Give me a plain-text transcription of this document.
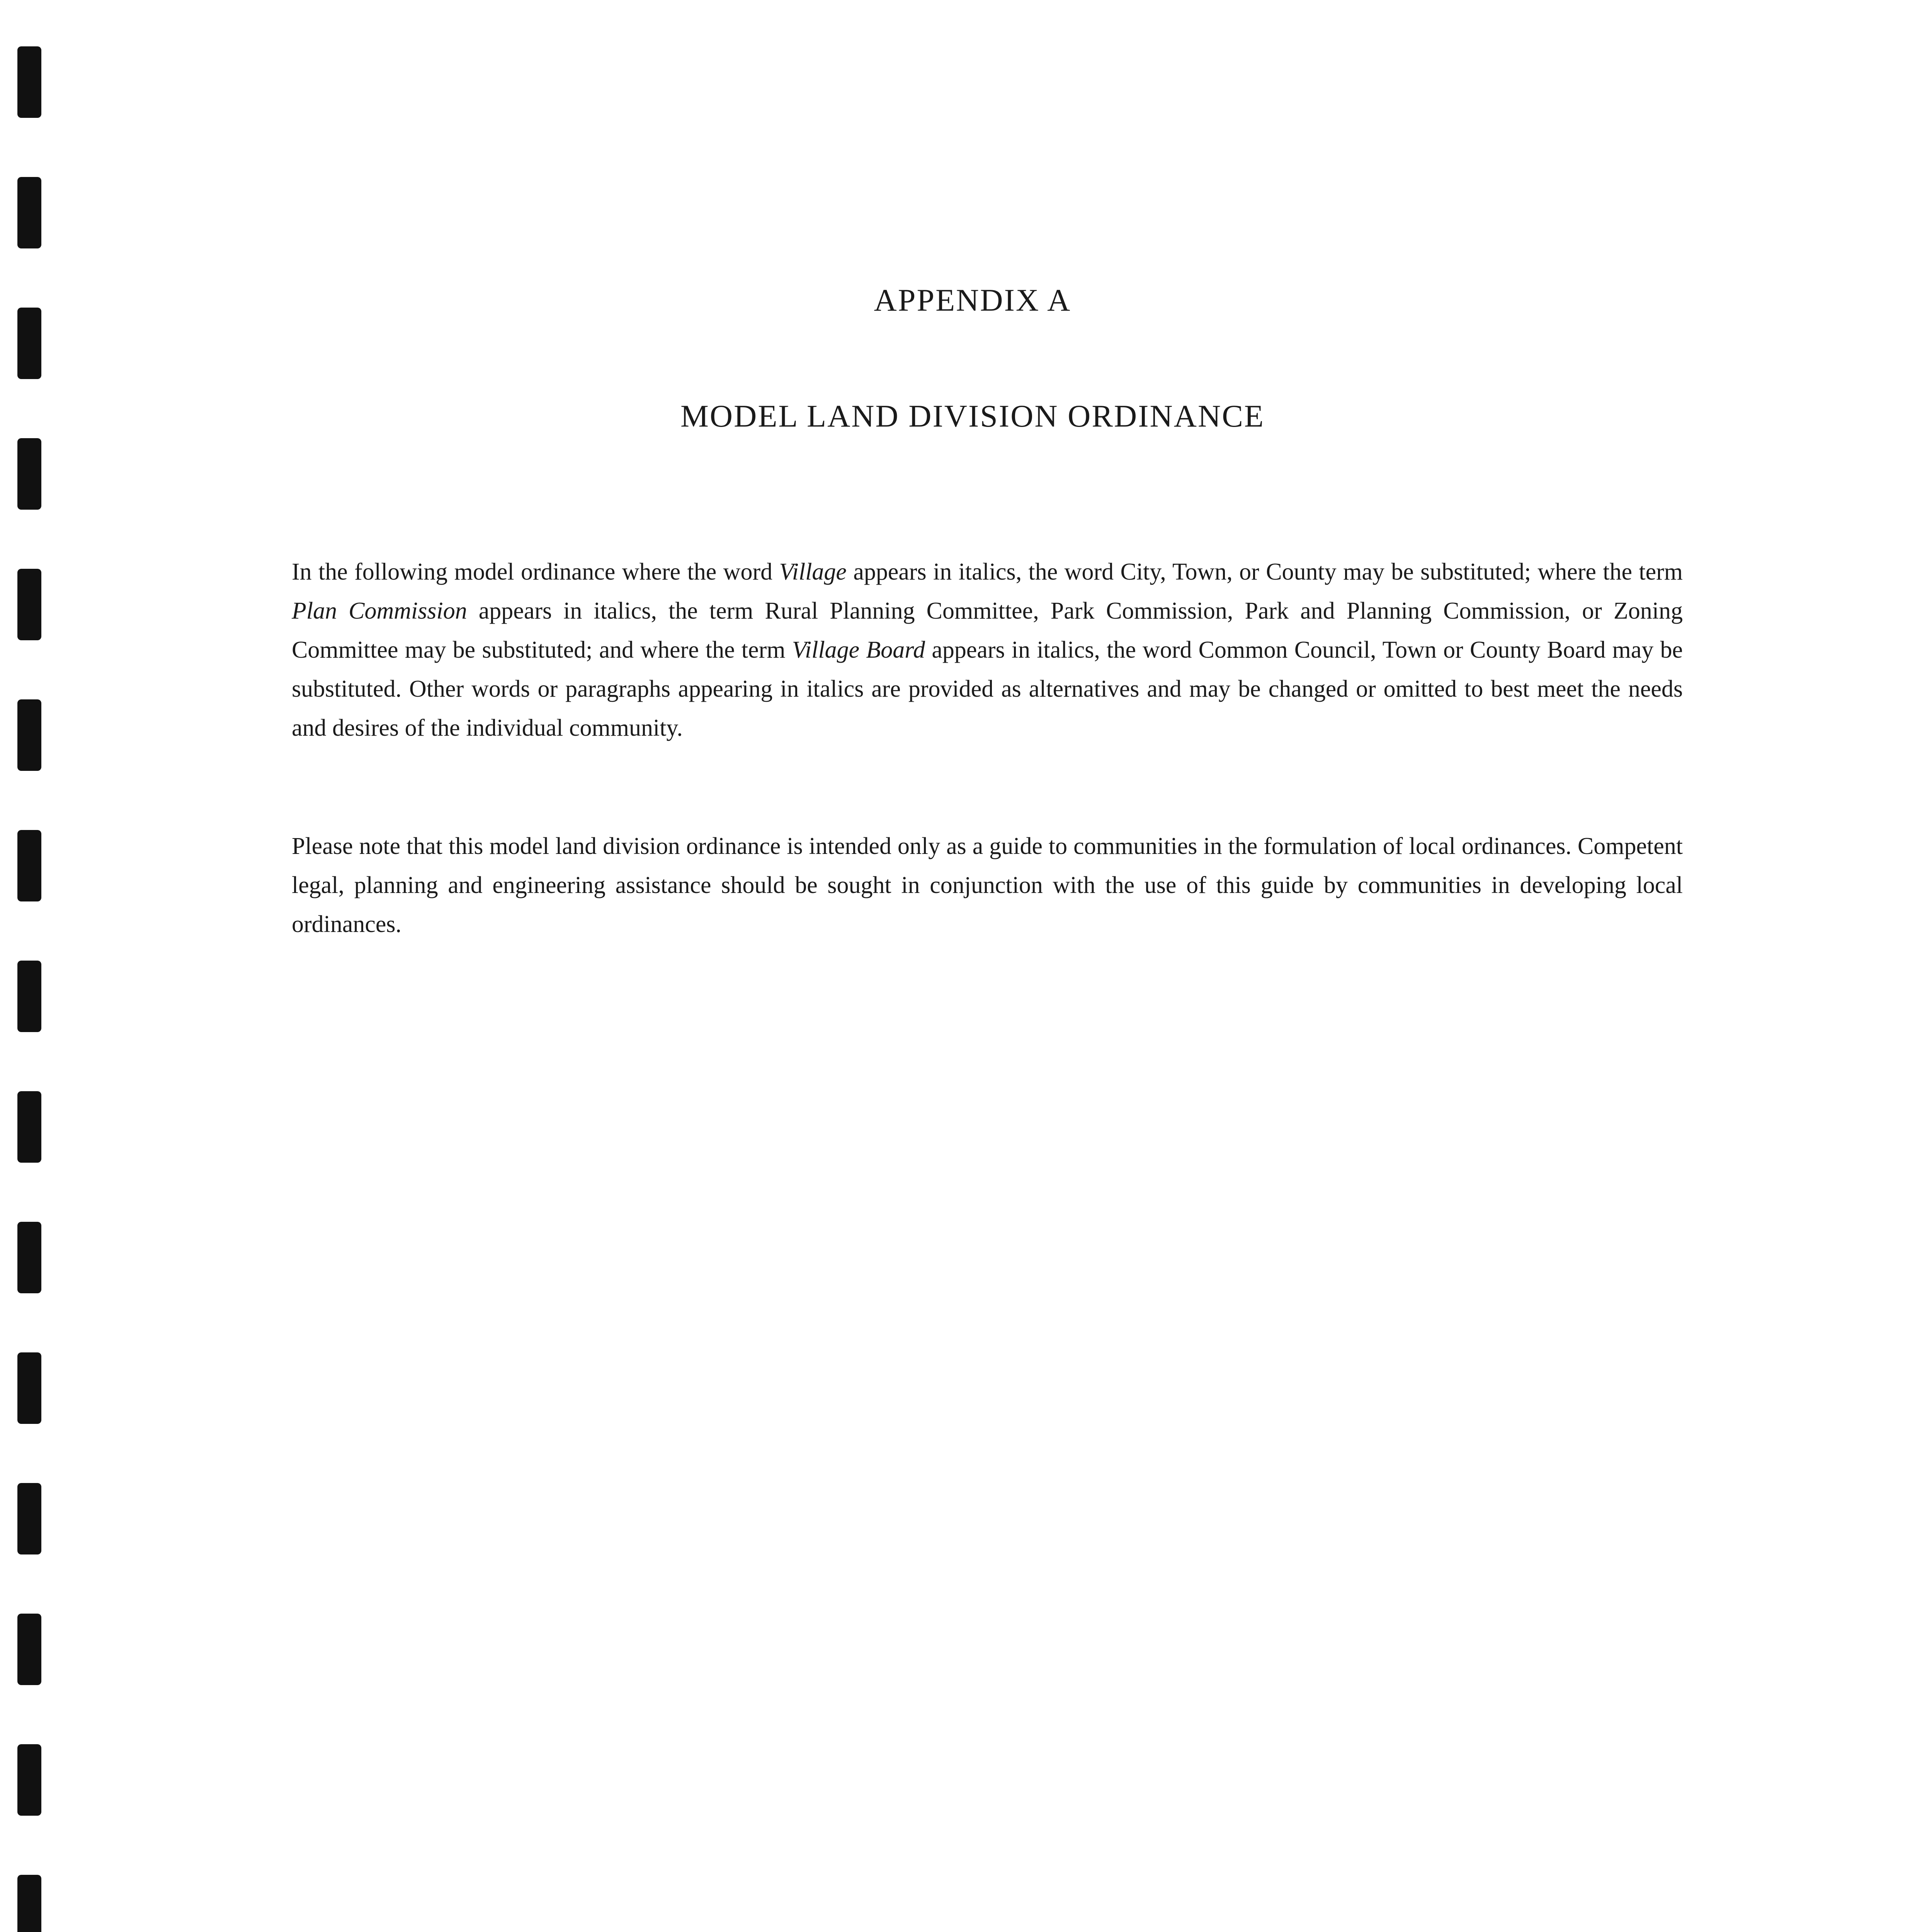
APPENDIX A
MODEL LAND DIVISION ORDINANCE

In the following model ordinance where the word Village appears in italics, the word City, Town, or County may be substituted; where the term Plan Commission appears in italics, the term Rural Planning Committee, Park Commission, Park and Planning Commission, or Zoning Committee may be substituted; and where the term Village Board appears in italics, the word Common Council, Town or County Board may be substituted. Other words or paragraphs appearing in italics are provided as alternatives and may be changed or omitted to best meet the needs and desires of the individual community.

Please note that this model land division ordinance is intended only as a guide to communities in the formulation of local ordinances. Competent legal, planning and engineering assistance should be sought in conjunction with the use of this guide by communities in developing local ordinances.
